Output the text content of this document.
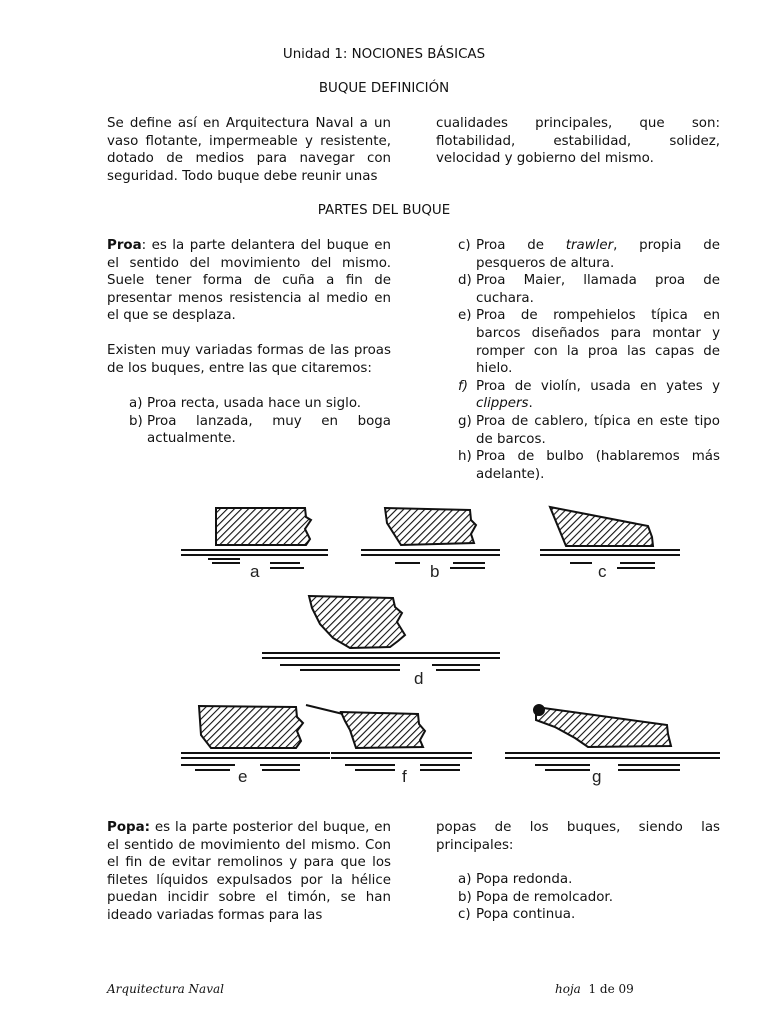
Unidad 1: NOCIONES BÁSICAS
BUQUE DEFINICIÓN

Se define así en Arquitectura Naval a un vaso flotante, impermeable y resistente, dotado de medios para navegar con seguridad. Todo buque debe reunir unas

cualidades principales, que son: flotabilidad, estabilidad, solidez, velocidad y gobierno del mismo.

PARTES DEL BUQUE

Proa: es la parte delantera del buque en el sentido del movimiento del mismo. Suele tener forma de cuña a fin de presentar menos resistencia al medio en el que se desplaza.

Existen muy variadas formas de las proas de los buques, entre las que citaremos:

a) Proa recta, usada hace un siglo.
b) Proa lanzada, muy en boga actualmente.
c) Proa de trawler, propia de pesqueros de altura.
d) Proa Maier, llamada proa de cuchara.
e) Proa de rompehielos típica en barcos diseñados para montar y romper con la proa las capas de hielo.
f) Proa de violín, usada en yates y clippers.
g) Proa de cablero, típica en este tipo de barcos.
h) Proa de bulbo (hablaremos más adelante).
a	b	c
d
e	f	g

Popa: es la parte posterior del buque, en el sentido de movimiento del mismo. Con el fin de evitar remolinos y para que los filetes líquidos expulsados por la hélice puedan incidir sobre el timón, se han ideado variadas formas para las

popas de los buques, siendo las principales:

a) Popa redonda.
b) Popa de remolcador.
c) Popa continua.
Arquitectura Naval	hoja 1 de 09
